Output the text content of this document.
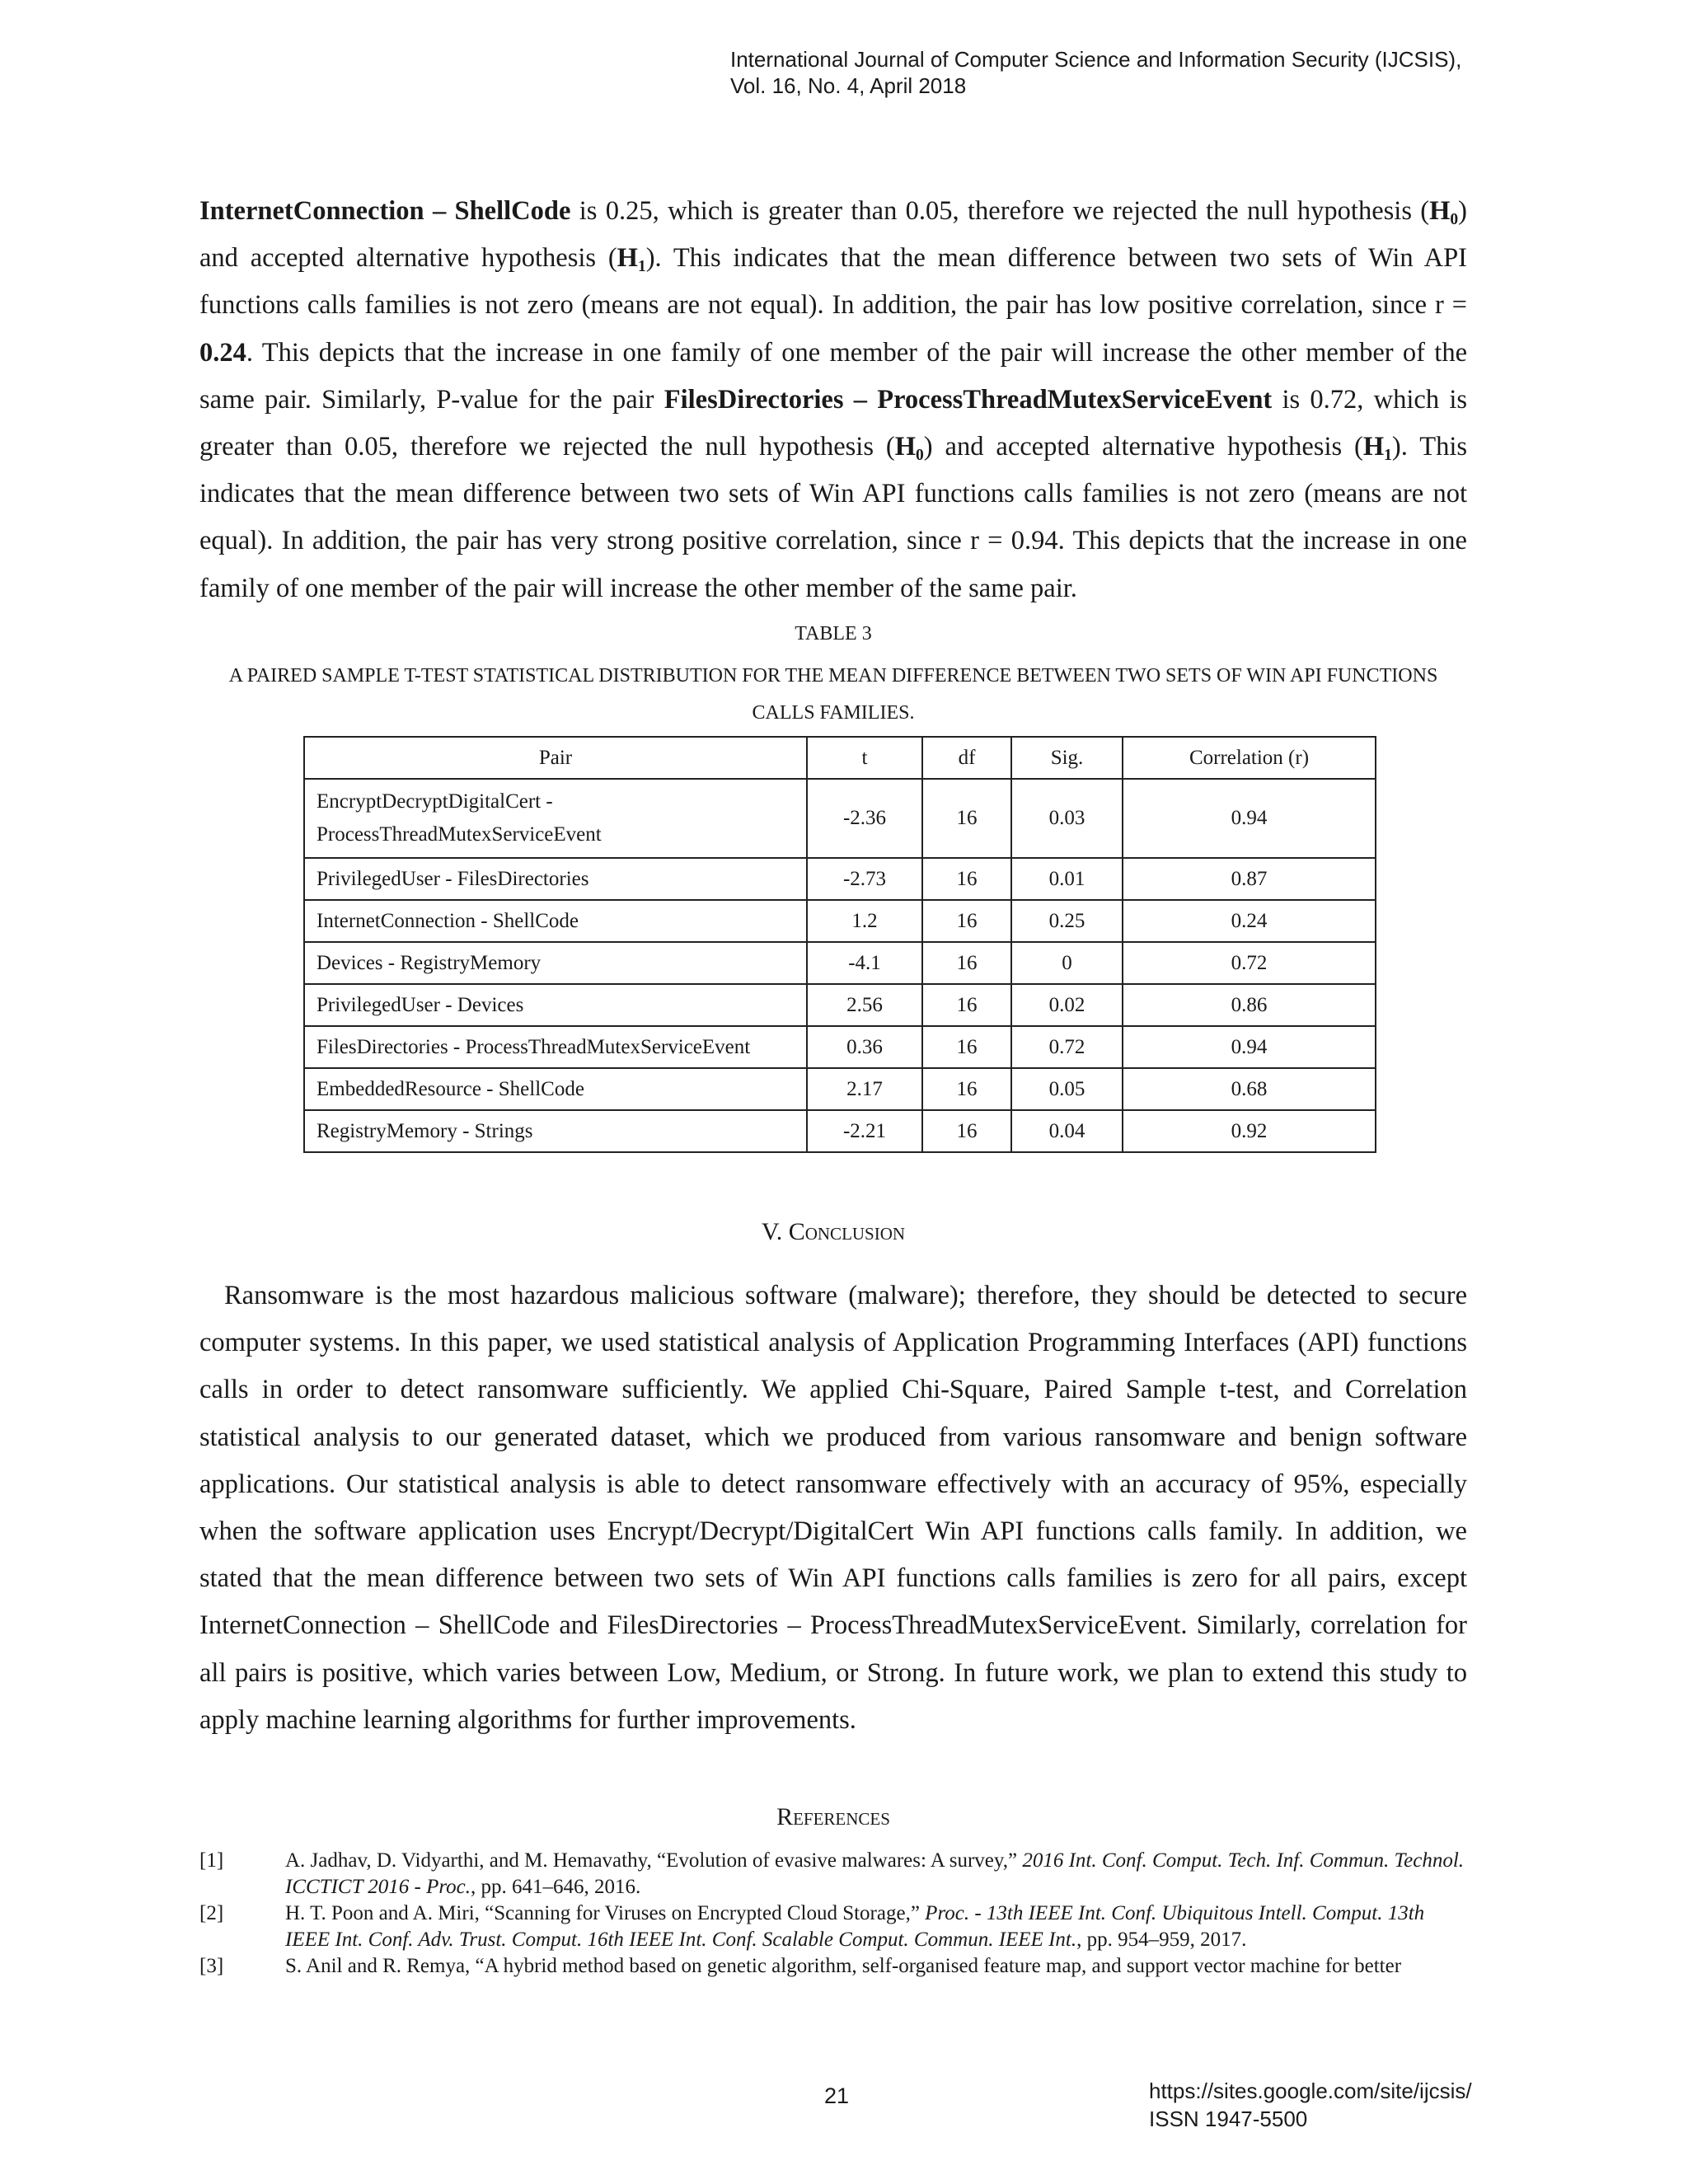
International Journal of Computer Science and Information Security (IJCSIS),
Vol. 16, No. 4, April 2018

InternetConnection – ShellCode is 0.25, which is greater than 0.05, therefore we rejected the null hypothesis $(H_0)$ and accepted alternative hypothesis $(H_1)$. This indicates that the mean difference between two sets of Win API functions calls families is not zero (means are not equal). In addition, the pair has low positive correlation, since r = 0.24. This depicts that the increase in one family of one member of the pair will increase the other member of the same pair. Similarly, P-value for the pair FilesDirectories – ProcessThreadMutexServiceEvent is 0.72, which is greater than 0.05, therefore we rejected the null hypothesis $(H_0)$ and accepted alternative hypothesis $(H_1)$. This indicates that the mean difference between two sets of Win API functions calls families is not zero (means are not equal). In addition, the pair has very strong positive correlation, since r = 0.94. This depicts that the increase in one family of one member of the pair will increase the other member of the same pair.

TABLE 3
A PAIRED SAMPLE T-TEST STATISTICAL DISTRIBUTION FOR THE MEAN DIFFERENCE BETWEEN TWO SETS OF WIN API FUNCTIONS CALLS FAMILIES.
Pair	t	df	Sig.	Correlation (r)

EncryptDecryptDigitalCert -
ProcessThreadMutexServiceEvent	-2.36	16	0.03	0.94
PrivilegedUser - FilesDirectories	-2.73	16	0.01	0.87
InternetConnection - ShellCode	1.2	16	0.25	0.24
Devices - RegistryMemory	-4.1	16	0	0.72
PrivilegedUser - Devices	2.56	16	0.02	0.86
FilesDirectories - ProcessThreadMutexServiceEvent	0.36	16	0.72	0.94
EmbeddedResource - ShellCode	2.17	16	0.05	0.68
RegistryMemory - Strings	-2.21	16	0.04	0.92
V. Conclusion

Ransomware is the most hazardous malicious software (malware); therefore, they should be detected to secure computer systems. In this paper, we used statistical analysis of Application Programming Interfaces (API) functions calls in order to detect ransomware sufficiently. We applied Chi-Square, Paired Sample t-test, and Correlation statistical analysis to our generated dataset, which we produced from various ransomware and benign software applications. Our statistical analysis is able to detect ransomware effectively with an accuracy of 95%, especially when the software application uses Encrypt/Decrypt/DigitalCert Win API functions calls family. In addition, we stated that the mean difference between two sets of Win API functions calls families is zero for all pairs, except InternetConnection – ShellCode and FilesDirectories – ProcessThreadMutexServiceEvent. Similarly, correlation for all pairs is positive, which varies between Low, Medium, or Strong. In future work, we plan to extend this study to apply machine learning algorithms for further improvements.

References
[1]	A. Jadhav, D. Vidyarthi, and M. Hemavathy, “Evolution of evasive malwares: A survey,” 2016 Int. Conf. Comput. Tech. Inf. Commun. Technol. ICCTICT 2016 - Proc., pp. 641–646, 2016.
[2]	H. T. Poon and A. Miri, “Scanning for Viruses on Encrypted Cloud Storage,” Proc. - 13th IEEE Int. Conf. Ubiquitous Intell. Comput. 13th IEEE Int. Conf. Adv. Trust. Comput. 16th IEEE Int. Conf. Scalable Comput. Commun. IEEE Int., pp. 954–959, 2017.
[3]	S. Anil and R. Remya, “A hybrid method based on genetic algorithm, self-organised feature map, and support vector machine for better
21	https://sites.google.com/site/ijcsis/
ISSN 1947-5500
